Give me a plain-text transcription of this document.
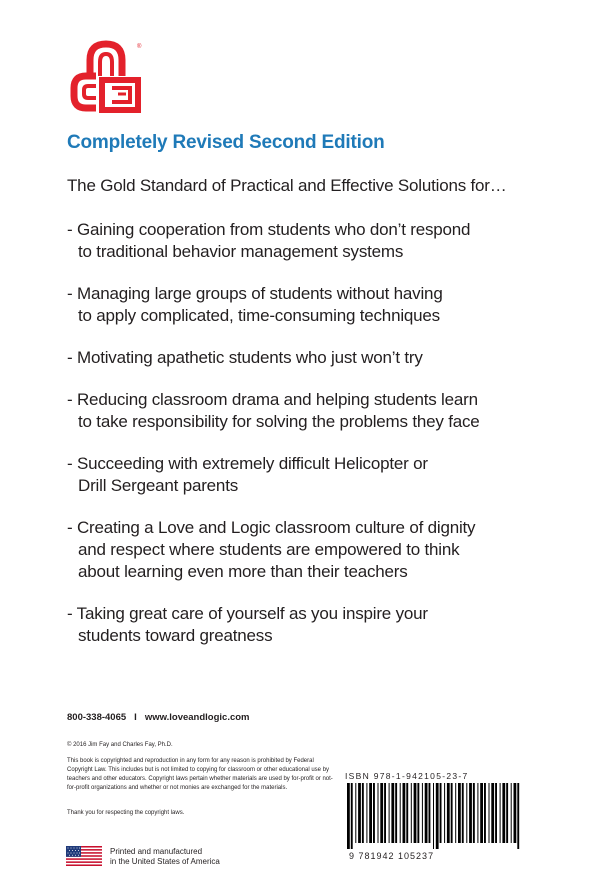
®
Completely Revised Second Edition
The Gold Standard of Practical and Effective Solutions for…
- Gaining cooperation from students who don’t respond
to traditional behavior management systems
- Managing large groups of students without having
to apply complicated, time-consuming techniques
- Motivating apathetic students who just won’t try
- Reducing classroom drama and helping students learn
to take responsibility for solving the problems they face
- Succeeding with extremely difficult Helicopter or
Drill Sergeant parents
- Creating a Love and Logic classroom culture of dignity
and respect where students are empowered to think
about learning even more than their teachers
- Taking great care of yourself as you inspire your
students toward greatness
800-338-4065 I www.loveandlogic.com
© 2016 Jim Fay and Charles Fay, Ph.D.
This book is copyrighted and reproduction in any form for any reason is prohibited by Federal Copyright Law. This includes but is not limited to copying for classroom or other educational use by teachers and other educators. Copyright laws pertain whether materials are used by for-profit or not-for-profit organizations and whether or not monies are exchanged for the materials.
Thank you for respecting the copyright laws.
Printed and manufactured
in the United States of America
ISBN 978-1-942105-23-7
9 781942 105237
